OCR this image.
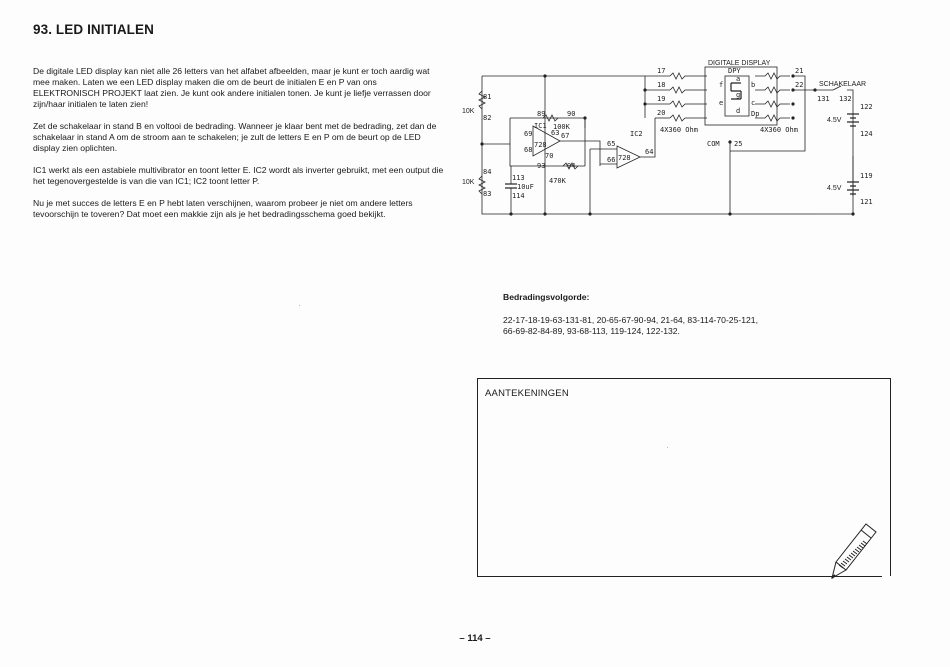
93. LED INITIALEN

De digitale LED display kan niet alle 26 letters van het alfabet afbeelden, maar je kunt er toch aardig wat mee maken. Laten we een LED display maken die om de beurt de initialen E en P van ons ELEKTRONISCH PROJEKT laat zien. Je kunt ook andere initialen tonen. Je kunt je liefje verrassen door zijn/haar initialen te laten zien!

Zet de schakelaar in stand B en voltooi de bedrading. Wanneer je klaar bent met de bedrading, zet dan de schakelaar in stand A om de stroom aan te schakelen; je zult de letters E en P om de beurt op de LED display zien oplichten.

IC1 werkt als een astabiele multivibrator en toont letter E. IC2 wordt als inverter gebruikt, met een output die het tegenovergestelde is van die van IC1; IC2 toont letter P.

Nu je met succes de letters E en P hebt laten verschijnen, waarom probeer je niet om andere letters tevoorschijn te toveren? Dat moet een makkie zijn als je het bedradingsschema goed bekijkt.

DIGITALE DISPLAY
SCHAKELAAR
IC1
IC2
10K
10K
100K
470K
10uF
4X360 Ohm	4X360 Ohm
COM
4.5V
4.5V
DPY
17
18
19
20
21
22
25
81
82
83
84
89	90
93	94
69	67
68
70
728
728
63
64
65
66
113
114
119
121
122
124
131 132
a
b
c
d
e
f
g
Dp
Bedradingsvolgorde:
22-17-18-19-63-131-81, 20-65-67-90-94, 21-64, 83-114-70-25-121,
66-69-82-84-89, 93-68-113, 119-124, 122-132.
AANTEKENINGEN
– 114 –
